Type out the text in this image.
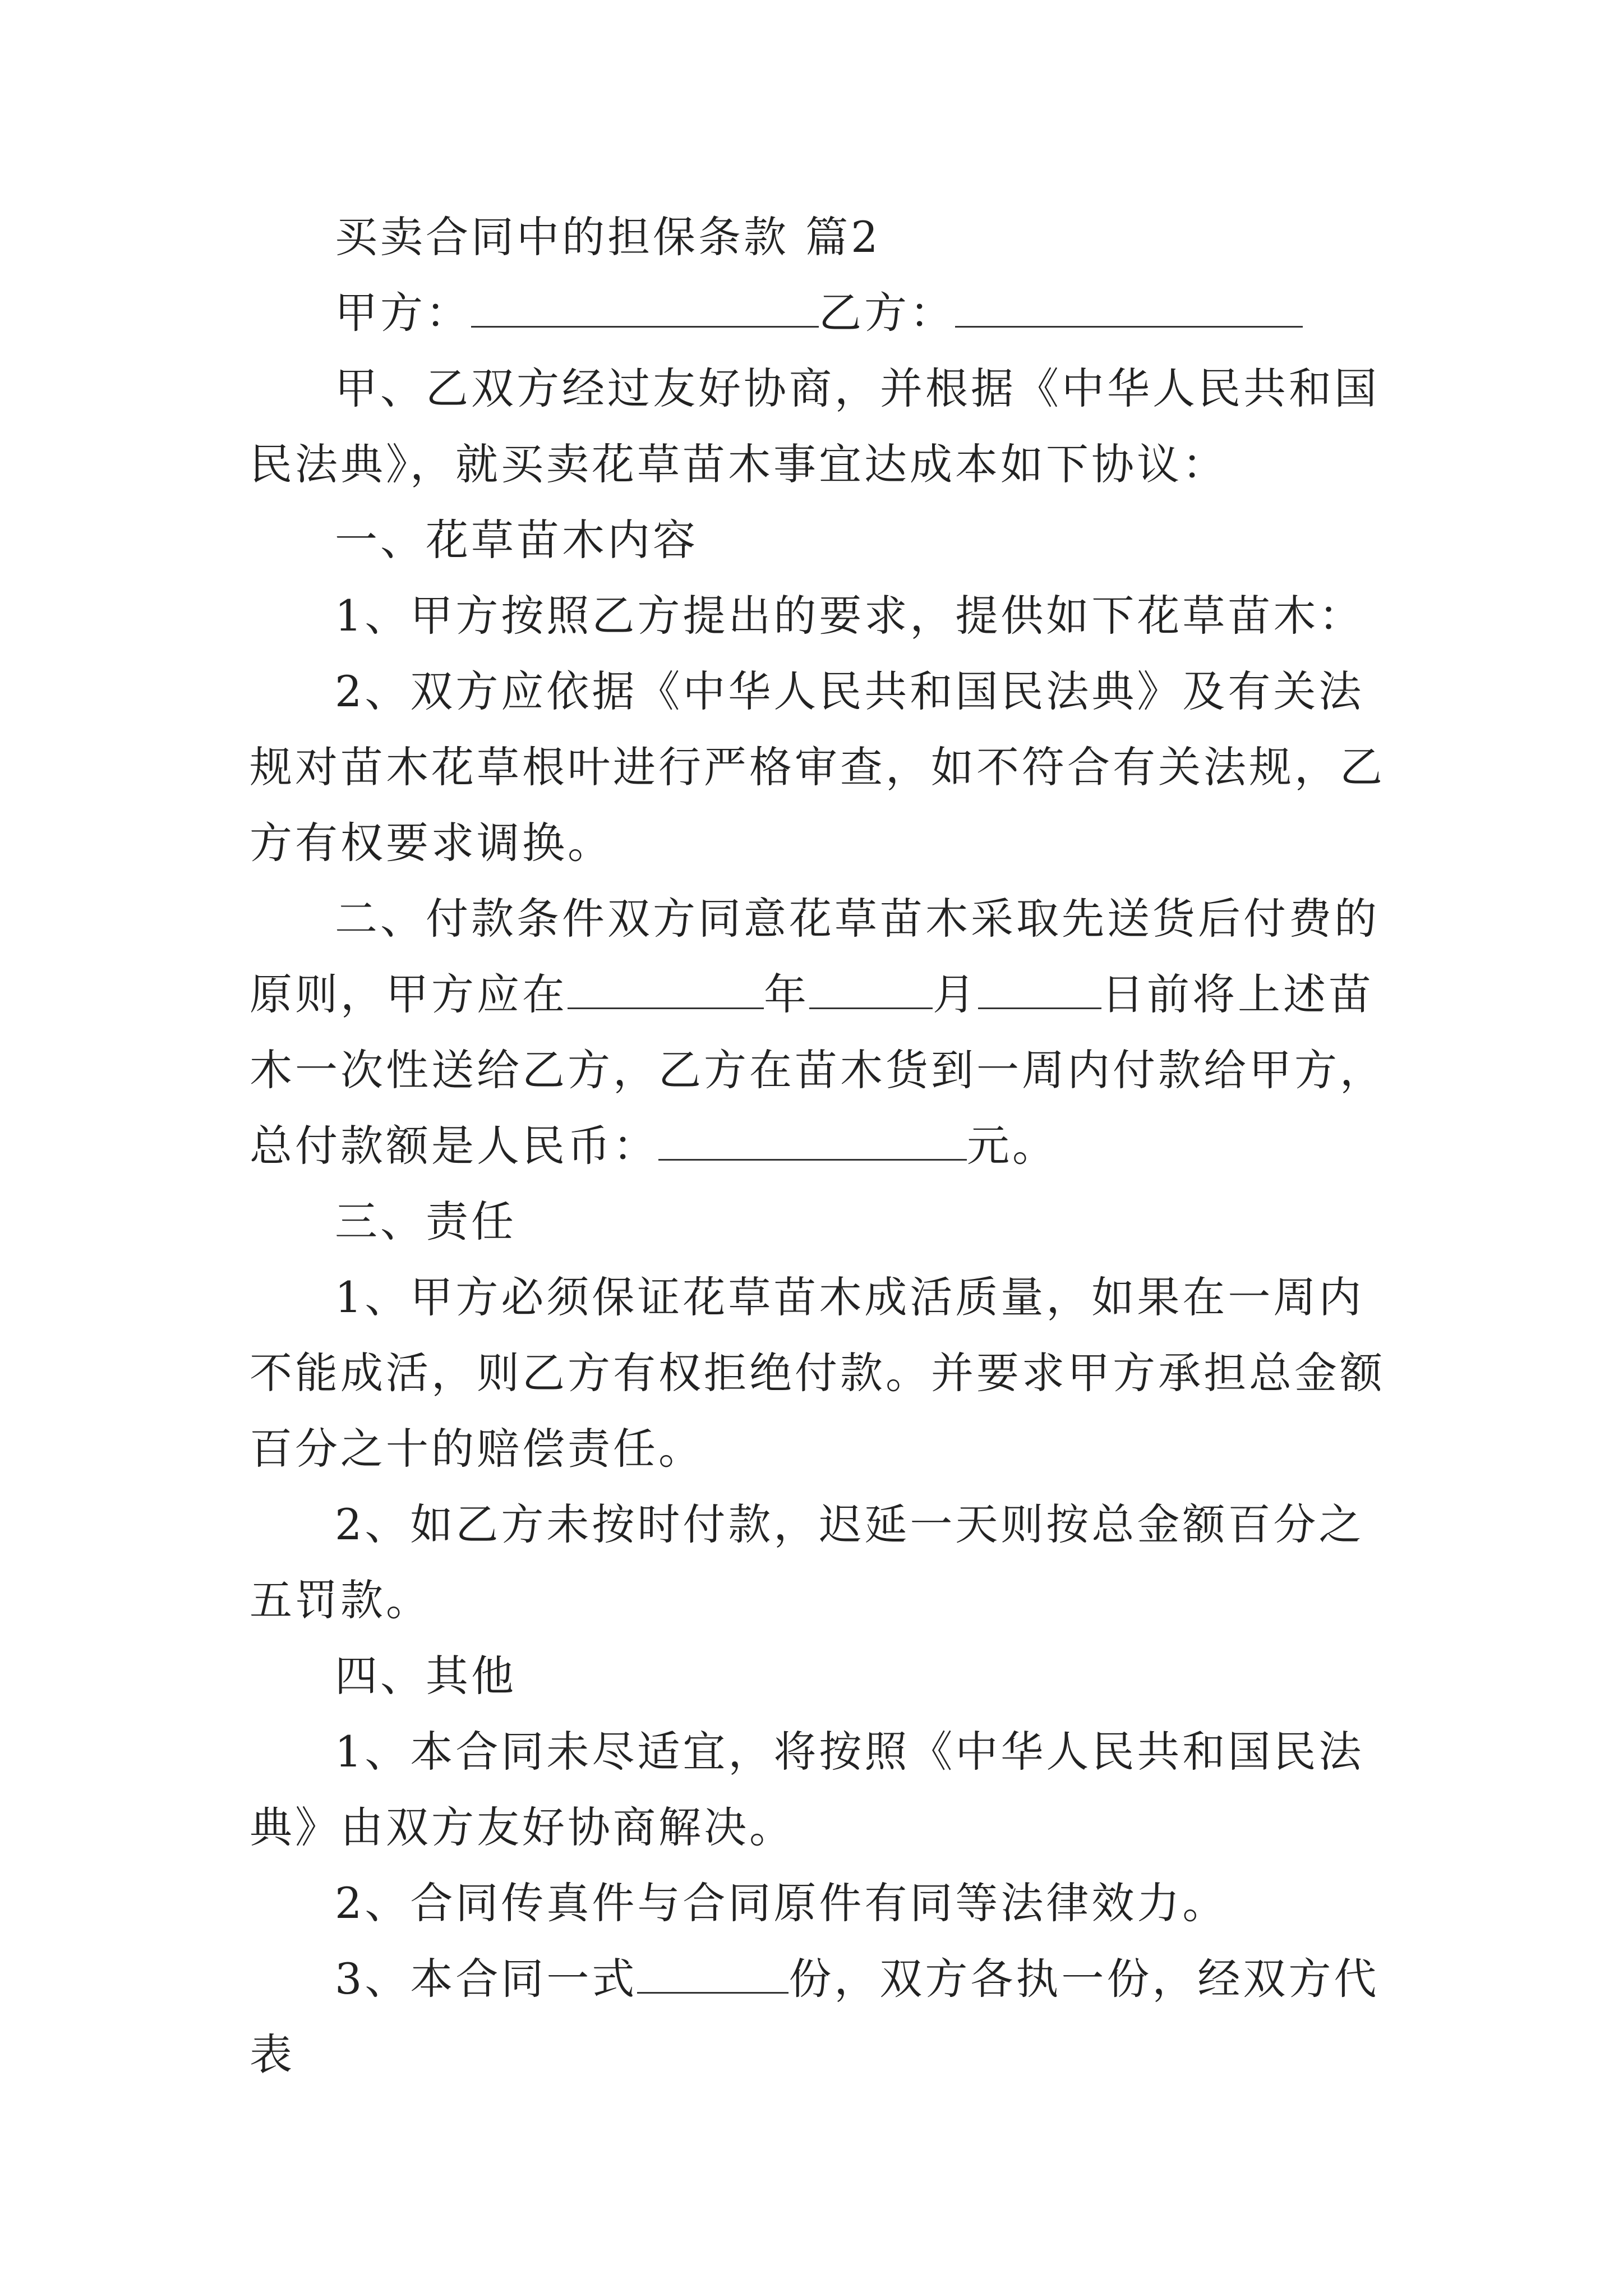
买卖合同中的担保条款 篇2

甲方：	乙方：

甲、乙双方经过友好协商，并根据《中华人民共和国民法典》，就买卖花草苗木事宜达成本如下协议：

一、花草苗木内容

1、甲方按照乙方提出的要求，提供如下花草苗木：

2、双方应依据《中华人民共和国民法典》及有关法规对苗木花草根叶进行严格审查，如不符合有关法规，乙方有权要求调换。

二、付款条件双方同意花草苗木采取先送货后付费的原则，甲方应在	年	月	日前将上述苗木一次性送给乙方，乙方在苗木货到一周内付款给甲方，总付款额是人民币：	元。

三、责任

1、甲方必须保证花草苗木成活质量，如果在一周内不能成活，则乙方有权拒绝付款。并要求甲方承担总金额百分之十的赔偿责任。

2、如乙方未按时付款，迟延一天则按总金额百分之五罚款。

四、其他

1、本合同未尽适宜，将按照《中华人民共和国民法典》由双方友好协商解决。

2、合同传真件与合同原件有同等法律效力。

3、本合同一式	份，双方各执一份，经双方代表
